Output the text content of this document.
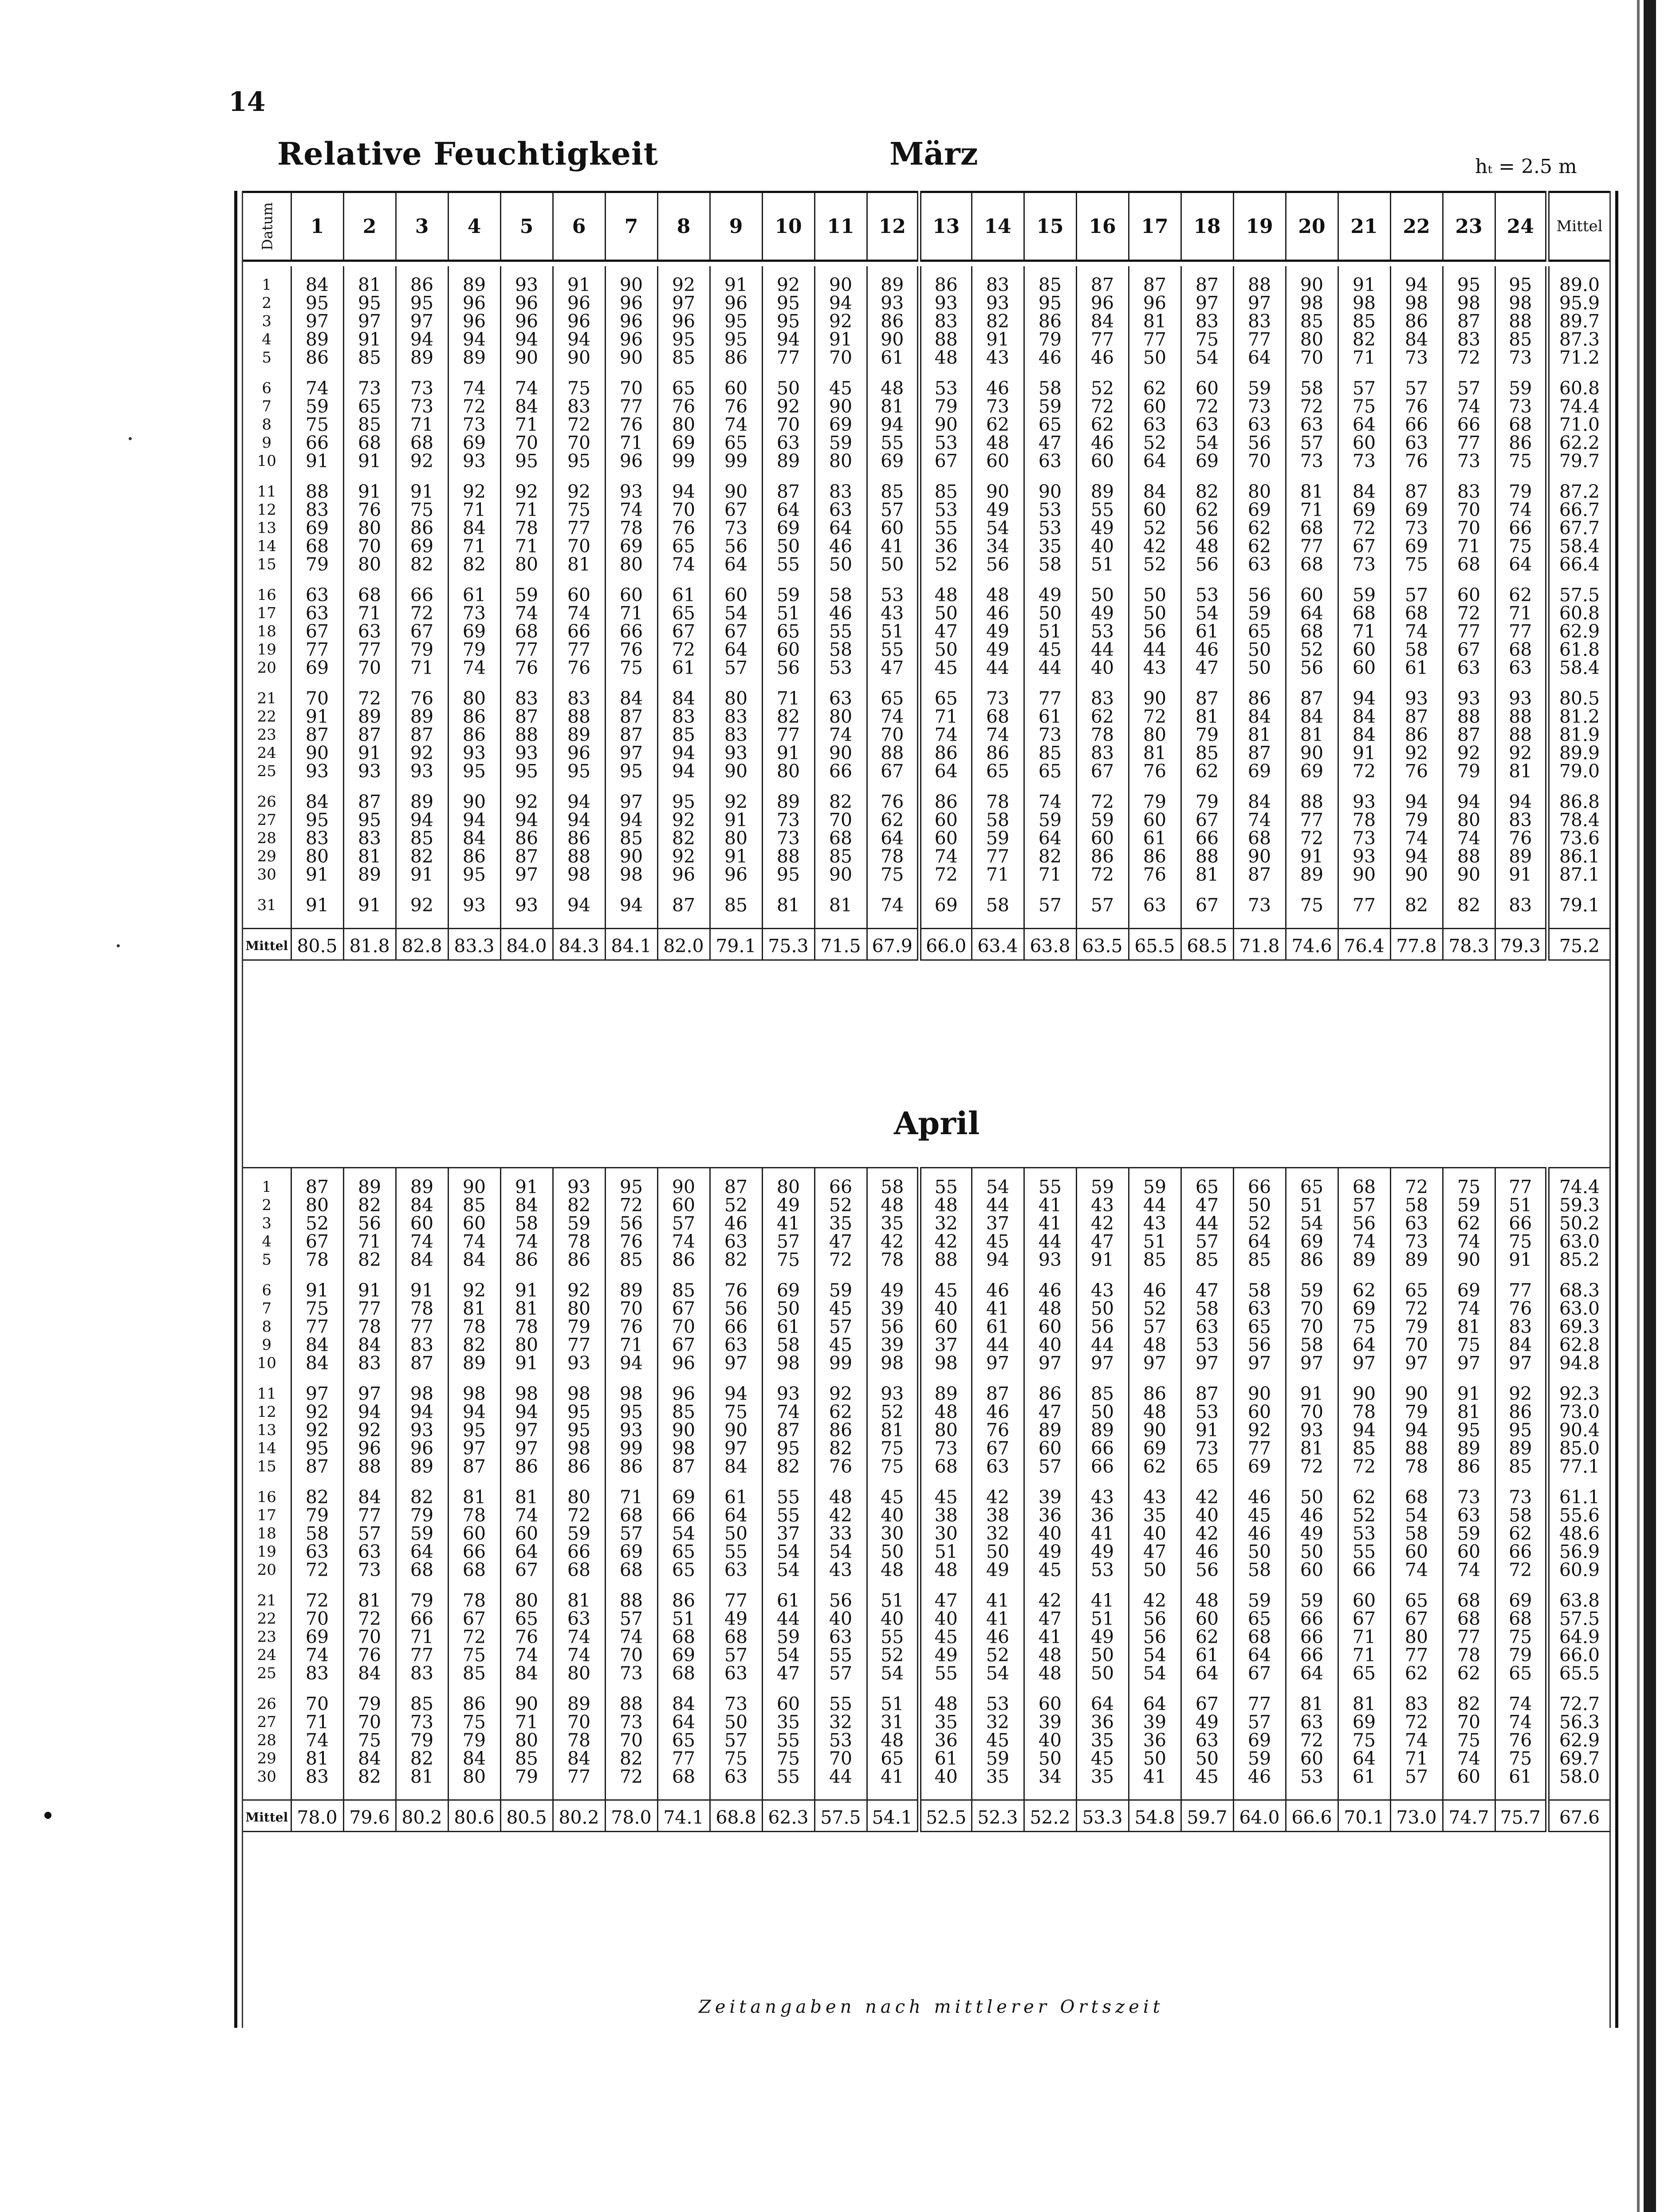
14
Relative Feuchtigkeit	März	hₜ = 2.5 m
Datum	1	2	3	4	5	6	7	8	9	10	11	12	13	14	15	16	17	18	19	20	21	22	23	24	Mittel
1	84	81	86	89	93	91	90	92	91	92	90	89	86	83	85	87	87	87	88	90	91	94	95	95	89.0
2	95	95	95	96	96	96	96	97	96	95	94	93	93	93	95	96	96	97	97	98	98	98	98	98	95.9
3	97	97	97	96	96	96	96	96	95	95	92	86	83	82	86	84	81	83	83	85	85	86	87	88	89.7
4	89	91	94	94	94	94	96	95	95	94	91	90	88	91	79	77	77	75	77	80	82	84	83	85	87.3
5	86	85	89	89	90	90	90	85	86	77	70	61	48	43	46	46	50	54	64	70	71	73	72	73	71.2
6	74	73	73	74	74	75	70	65	60	50	45	48	53	46	58	52	62	60	59	58	57	57	57	59	60.8
7	59	65	73	72	84	83	77	76	76	92	90	81	79	73	59	72	60	72	73	72	75	76	74	73	74.4
8	75	85	71	73	71	72	76	80	74	70	69	94	90	62	65	62	63	63	63	63	64	66	66	68	71.0
9	66	68	68	69	70	70	71	69	65	63	59	55	53	48	47	46	52	54	56	57	60	63	77	86	62.2
10	91	91	92	93	95	95	96	99	99	89	80	69	67	60	63	60	64	69	70	73	73	76	73	75	79.7
11	88	91	91	92	92	92	93	94	90	87	83	85	85	90	90	89	84	82	80	81	84	87	83	79	87.2
12	83	76	75	71	71	75	74	70	67	64	63	57	53	49	53	55	60	62	69	71	69	69	70	74	66.7
13	69	80	86	84	78	77	78	76	73	69	64	60	55	54	53	49	52	56	62	68	72	73	70	66	67.7
14	68	70	69	71	71	70	69	65	56	50	46	41	36	34	35	40	42	48	62	77	67	69	71	75	58.4
15	79	80	82	82	80	81	80	74	64	55	50	50	52	56	58	51	52	56	63	68	73	75	68	64	66.4
16	63	68	66	61	59	60	60	61	60	59	58	53	48	48	49	50	50	53	56	60	59	57	60	62	57.5
17	63	71	72	73	74	74	71	65	54	51	46	43	50	46	50	49	50	54	59	64	68	68	72	71	60.8
18	67	63	67	69	68	66	66	67	67	65	55	51	47	49	51	53	56	61	65	68	71	74	77	77	62.9
19	77	77	79	79	77	77	76	72	64	60	58	55	50	49	45	44	44	46	50	52	60	58	67	68	61.8
20	69	70	71	74	76	76	75	61	57	56	53	47	45	44	44	40	43	47	50	56	60	61	63	63	58.4
21	70	72	76	80	83	83	84	84	80	71	63	65	65	73	77	83	90	87	86	87	94	93	93	93	80.5
22	91	89	89	86	87	88	87	83	83	82	80	74	71	68	61	62	72	81	84	84	84	87	88	88	81.2
23	87	87	87	86	88	89	87	85	83	77	74	70	74	74	73	78	80	79	81	81	84	86	87	88	81.9
24	90	91	92	93	93	96	97	94	93	91	90	88	86	86	85	83	81	85	87	90	91	92	92	92	89.9
25	93	93	93	95	95	95	95	94	90	80	66	67	64	65	65	67	76	62	69	69	72	76	79	81	79.0
26	84	87	89	90	92	94	97	95	92	89	82	76	86	78	74	72	79	79	84	88	93	94	94	94	86.8
27	95	95	94	94	94	94	94	92	91	73	70	62	60	58	59	59	60	67	74	77	78	79	80	83	78.4
28	83	83	85	84	86	86	85	82	80	73	68	64	60	59	64	60	61	66	68	72	73	74	74	76	73.6
29	80	81	82	86	87	88	90	92	91	88	85	78	74	77	82	86	86	88	90	91	93	94	88	89	86.1
30	91	89	91	95	97	98	98	96	96	95	90	75	72	71	71	72	76	81	87	89	90	90	90	91	87.1
31	91	91	92	93	93	94	94	87	85	81	81	74	69	58	57	57	63	67	73	75	77	82	82	83	79.1

Mittel	80.5	81.8	82.8	83.3	84.0	84.3	84.1	82.0	79.1	75.3	71.5	67.9	66.0	63.4	63.8	63.5	65.5	68.5	71.8	74.6	76.4	77.8	78.3	79.3	75.2
April
1	87	89	89	90	91	93	95	90	87	80	66	58	55	54	55	59	59	65	66	65	68	72	75	77	74.4
2	80	82	84	85	84	82	72	60	52	49	52	48	48	44	41	43	44	47	50	51	57	58	59	51	59.3
3	52	56	60	60	58	59	56	57	46	41	35	35	32	37	41	42	43	44	52	54	56	63	62	66	50.2
4	67	71	74	74	74	78	76	74	63	57	47	42	42	45	44	47	51	57	64	69	74	73	74	75	63.0
5	78	82	84	84	86	86	85	86	82	75	72	78	88	94	93	91	85	85	85	86	89	89	90	91	85.2
6	91	91	91	92	91	92	89	85	76	69	59	49	45	46	46	43	46	47	58	59	62	65	69	77	68.3
7	75	77	78	81	81	80	70	67	56	50	45	39	40	41	48	50	52	58	63	70	69	72	74	76	63.0
8	77	78	77	78	78	79	76	70	66	61	57	56	60	61	60	56	57	63	65	70	75	79	81	83	69.3
9	84	84	83	82	80	77	71	67	63	58	45	39	37	44	40	44	48	53	56	58	64	70	75	84	62.8
10	84	83	87	89	91	93	94	96	97	98	99	98	98	97	97	97	97	97	97	97	97	97	97	97	94.8
11	97	97	98	98	98	98	98	96	94	93	92	93	89	87	86	85	86	87	90	91	90	90	91	92	92.3
12	92	94	94	94	94	95	95	85	75	74	62	52	48	46	47	50	48	53	60	70	78	79	81	86	73.0
13	92	92	93	95	97	95	93	90	90	87	86	81	80	76	89	89	90	91	92	93	94	94	95	95	90.4
14	95	96	96	97	97	98	99	98	97	95	82	75	73	67	60	66	69	73	77	81	85	88	89	89	85.0
15	87	88	89	87	86	86	86	87	84	82	76	75	68	63	57	66	62	65	69	72	72	78	86	85	77.1
16	82	84	82	81	81	80	71	69	61	55	48	45	45	42	39	43	43	42	46	50	62	68	73	73	61.1
17	79	77	79	78	74	72	68	66	64	55	42	40	38	38	36	36	35	40	45	46	52	54	63	58	55.6
18	58	57	59	60	60	59	57	54	50	37	33	30	30	32	40	41	40	42	46	49	53	58	59	62	48.6
19	63	63	64	66	64	66	69	65	55	54	54	50	51	50	49	49	47	46	50	50	55	60	60	66	56.9
20	72	73	68	68	67	68	68	65	63	54	43	48	48	49	45	53	50	56	58	60	66	74	74	72	60.9
21	72	81	79	78	80	81	88	86	77	61	56	51	47	41	42	41	42	48	59	59	60	65	68	69	63.8
22	70	72	66	67	65	63	57	51	49	44	40	40	40	41	47	51	56	60	65	66	67	67	68	68	57.5
23	69	70	71	72	76	74	74	68	68	59	63	55	45	46	41	49	56	62	68	66	71	80	77	75	64.9
24	74	76	77	75	74	74	70	69	57	54	55	52	49	52	48	50	54	61	64	66	71	77	78	79	66.0
25	83	84	83	85	84	80	73	68	63	47	57	54	55	54	48	50	54	64	67	64	65	62	62	65	65.5
26	70	79	85	86	90	89	88	84	73	60	55	51	48	53	60	64	64	67	77	81	81	83	82	74	72.7
27	71	70	73	75	71	70	73	64	50	35	32	31	35	32	39	36	39	49	57	63	69	72	70	74	56.3
28	74	75	79	79	80	78	70	65	57	55	53	48	36	45	40	35	36	63	69	72	75	74	75	76	62.9
29	81	84	82	84	85	84	82	77	75	75	70	65	61	59	50	45	50	50	59	60	64	71	74	75	69.7
30	83	82	81	80	79	77	72	68	63	55	44	41	40	35	34	35	41	45	46	53	61	57	60	61	58.0

Mittel	78.0	79.6	80.2	80.6	80.5	80.2	78.0	74.1	68.8	62.3	57.5	54.1	52.5	52.3	52.2	53.3	54.8	59.7	64.0	66.6	70.1	73.0	74.7	75.7	67.6
Zeitangaben nach mittlerer Ortszeit
